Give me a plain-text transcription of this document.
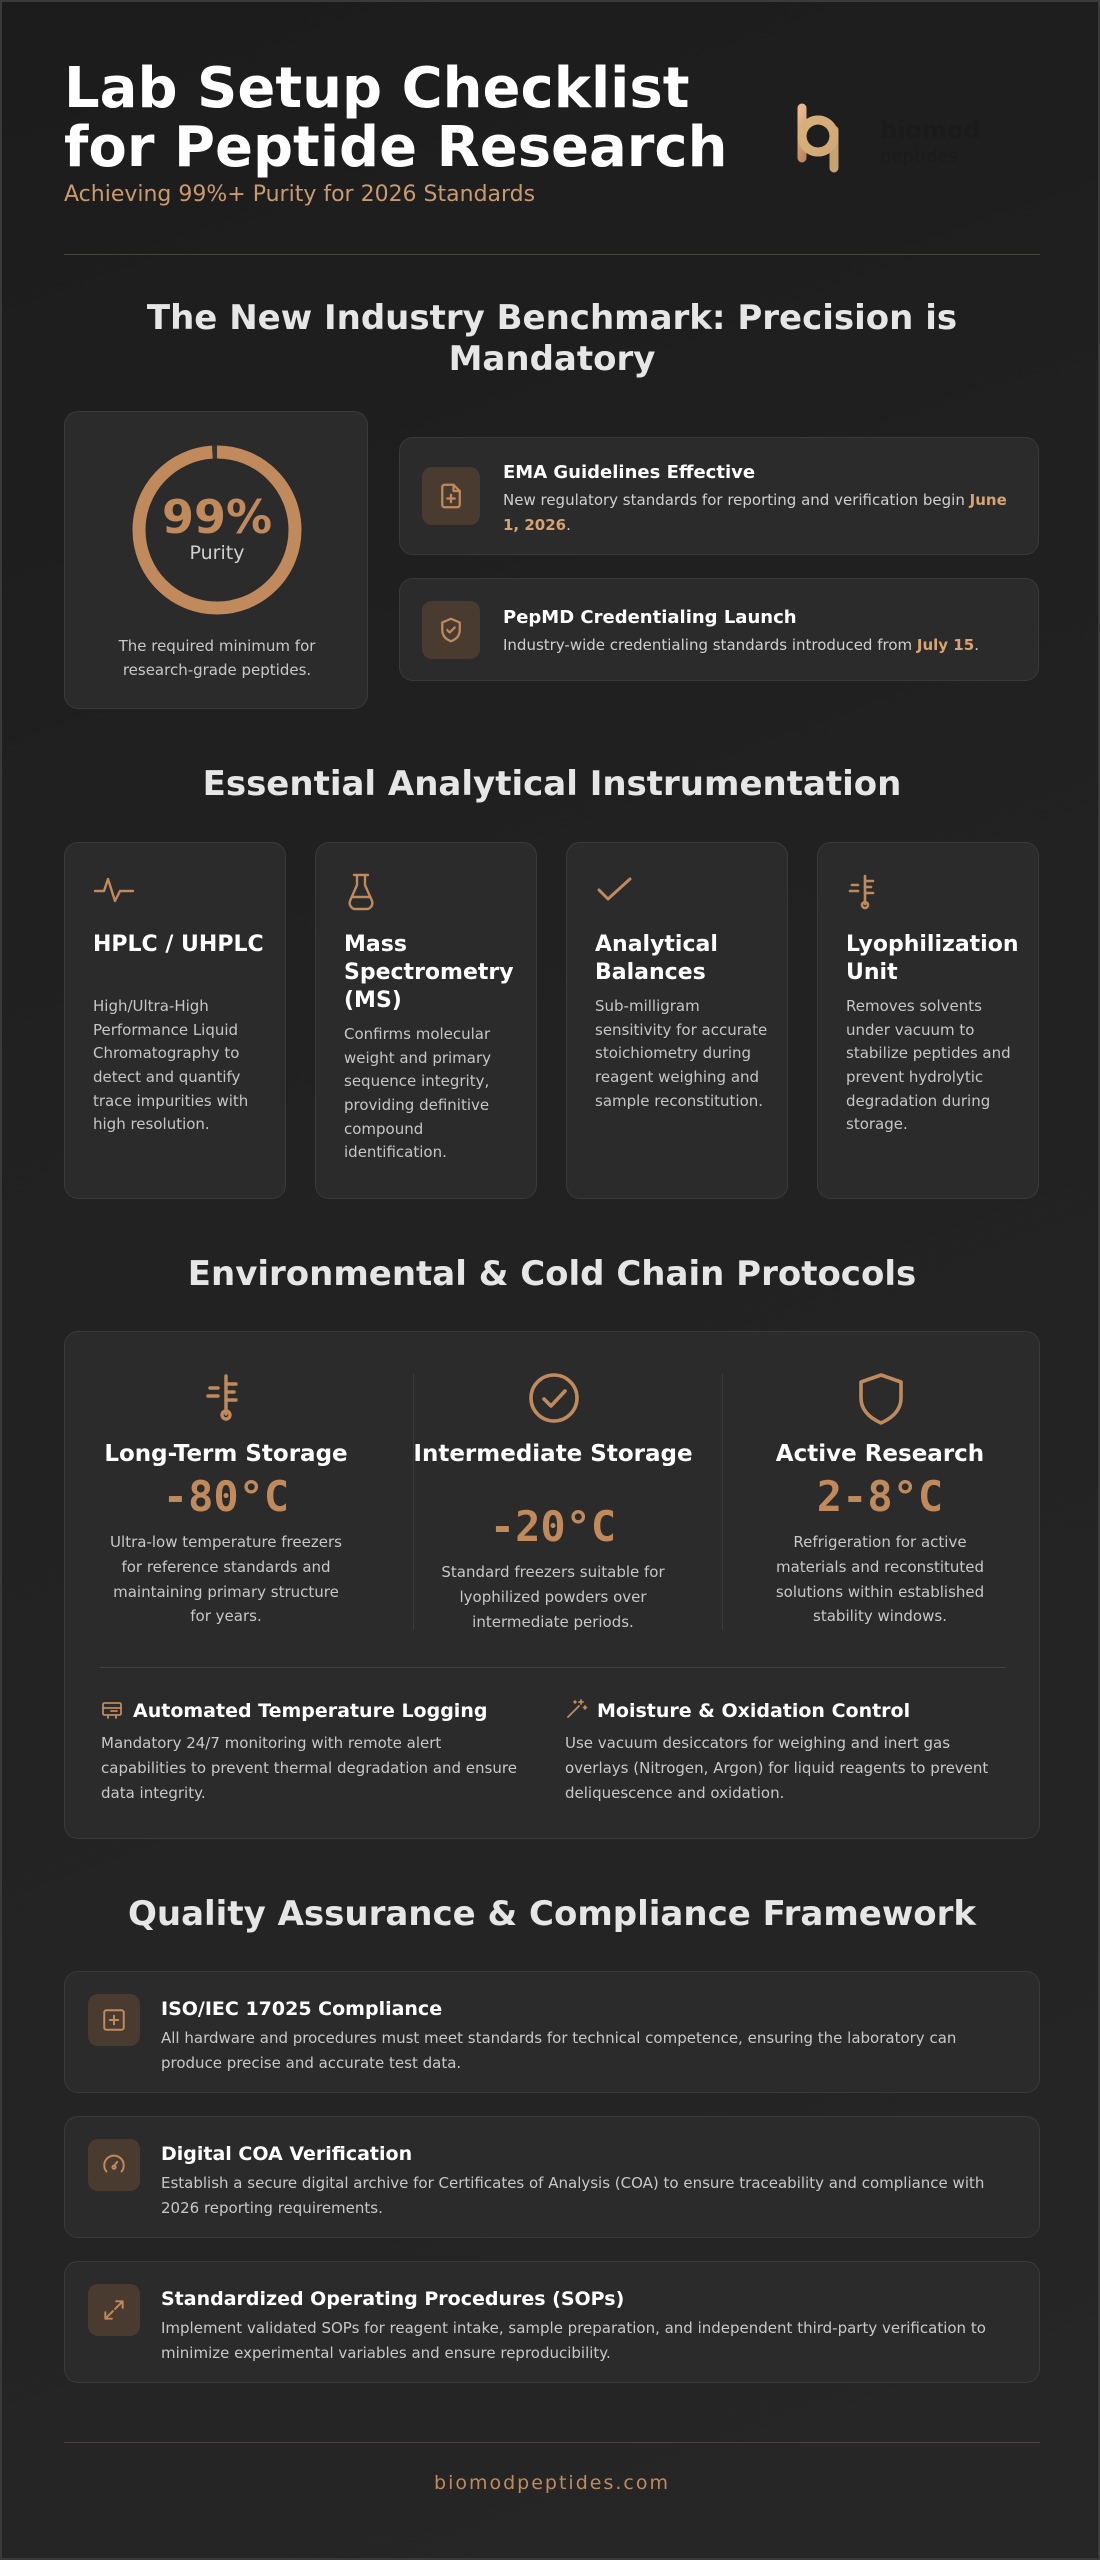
Lab Setup Checklist for Peptide Research
Achieving 99%+ Purity for 2026 Standards
biomod
peptides
The New Industry Benchmark: Precision is Mandatory
99%
Purity
The required minimum for research-grade peptides.
EMA Guidelines Effective
New regulatory standards for reporting and verification begin June 1, 2026.
PepMD Credentialing Launch
Industry-wide credentialing standards introduced from July 15.
Essential Analytical Instrumentation
HPLC / UHPLC
High/Ultra-High Performance Liquid Chromatography to detect and quantify trace impurities with high resolution.
Mass Spectrometry (MS)
Confirms molecular weight and primary sequence integrity, providing definitive compound identification.
Analytical Balances
Sub-milligram sensitivity for accurate stoichiometry during reagent weighing and sample reconstitution.
Lyophilization Unit
Removes solvents under vacuum to stabilize peptides and prevent hydrolytic degradation during storage.
Environmental & Cold Chain Protocols
Long-Term Storage
-80°C
Ultra-low temperature freezers for reference standards and maintaining primary structure for years.
Intermediate Storage
-20°C
Standard freezers suitable for lyophilized powders over intermediate periods.
Active Research
2-8°C
Refrigeration for active materials and reconstituted solutions within established stability windows.
Automated Temperature Logging
Mandatory 24/7 monitoring with remote alert capabilities to prevent thermal degradation and ensure data integrity.
Moisture & Oxidation Control
Use vacuum desiccators for weighing and inert gas overlays (Nitrogen, Argon) for liquid reagents to prevent deliquescence and oxidation.
Quality Assurance & Compliance Framework
ISO/IEC 17025 Compliance
All hardware and procedures must meet standards for technical competence, ensuring the laboratory can produce precise and accurate test data.
Digital COA Verification
Establish a secure digital archive for Certificates of Analysis (COA) to ensure traceability and compliance with 2026 reporting requirements.
Standardized Operating Procedures (SOPs)
Implement validated SOPs for reagent intake, sample preparation, and independent third-party verification to minimize experimental variables and ensure reproducibility.
biomodpeptides.com
